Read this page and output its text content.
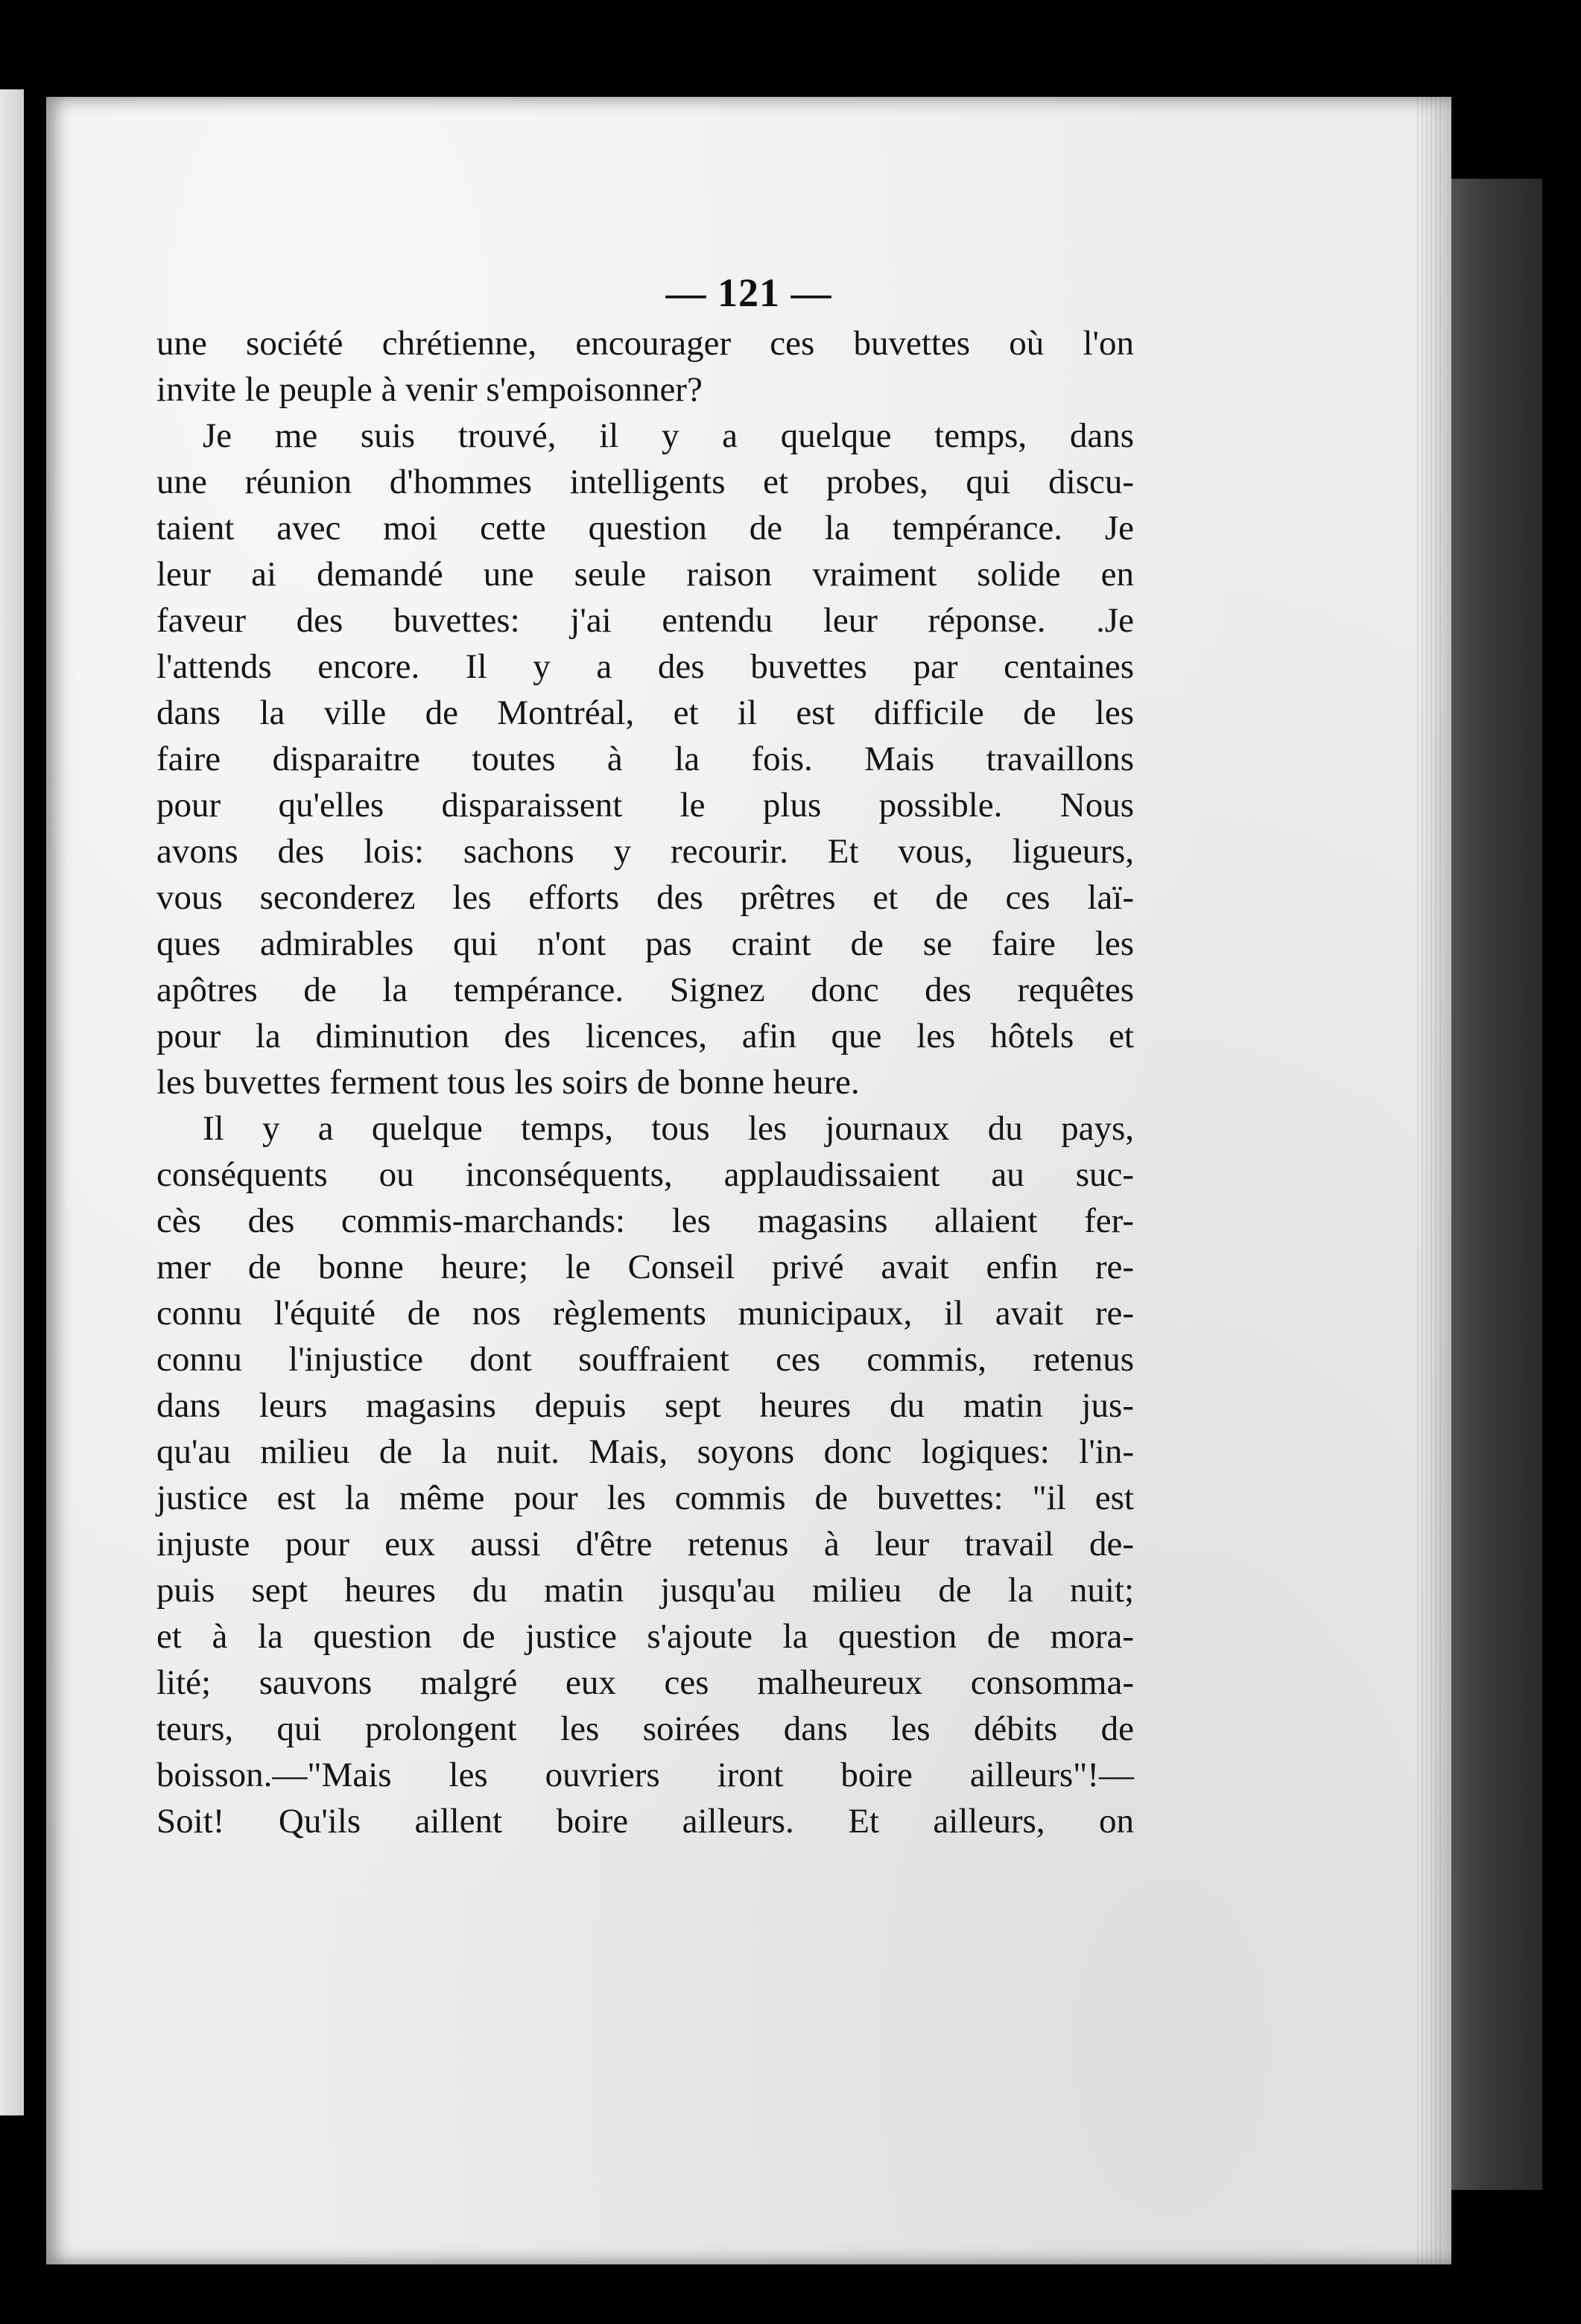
— 121 —
une société chrétienne, encourager ces buvettes où l'on
invite le peuple à venir s'empoisonner?
Je me suis trouvé, il y a quelque temps, dans
une réunion d'hommes intelligents et probes, qui discu-
taient avec moi cette question de la tempérance. Je
leur ai demandé une seule raison vraiment solide en
faveur des buvettes: j'ai entendu leur réponse. .Je
l'attends encore. Il y a des buvettes par centaines
dans la ville de Montréal, et il est difficile de les
faire disparaitre toutes à la fois. Mais travaillons
pour qu'elles disparaissent le plus possible. Nous
avons des lois: sachons y recourir. Et vous, ligueurs,
vous seconderez les efforts des prêtres et de ces laï-
ques admirables qui n'ont pas craint de se faire les
apôtres de la tempérance. Signez donc des requêtes
pour la diminution des licences, afin que les hôtels et
les buvettes ferment tous les soirs de bonne heure.
Il y a quelque temps, tous les journaux du pays,
conséquents ou inconséquents, applaudissaient au suc-
cès des commis-marchands: les magasins allaient fer-
mer de bonne heure; le Conseil privé avait enfin re-
connu l'équité de nos règlements municipaux, il avait re-
connu l'injustice dont souffraient ces commis, retenus
dans leurs magasins depuis sept heures du matin jus-
qu'au milieu de la nuit. Mais, soyons donc logiques: l'in-
justice est la même pour les commis de buvettes: "il est
injuste pour eux aussi d'être retenus à leur travail de-
puis sept heures du matin jusqu'au milieu de la nuit;
et à la question de justice s'ajoute la question de mora-
lité; sauvons malgré eux ces malheureux consomma-
teurs, qui prolongent les soirées dans les débits de
boisson.—"Mais les ouvriers iront boire ailleurs"!—
Soit! Qu'ils aillent boire ailleurs. Et ailleurs, on
